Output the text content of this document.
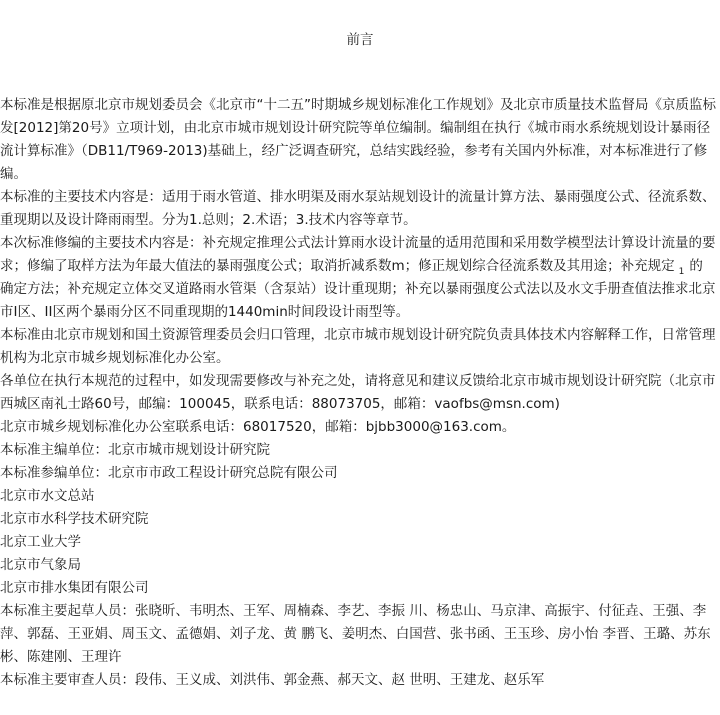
前言

本标准是根据原北京市规划委员会《北京市“十二五”时期城乡规划标准化工作规划》及北京市质量技术监督局《京质监标发[2012]第20号》立项计划，由北京市城市规划设计研究院等单位编制。编制组在执行《城市雨水系统规划设计暴雨径流计算标准》（DB11/T969-2013)基础上，经广泛调查研究，总结实践经验，参考有关国内外标准，对本标准进行了修编。

本标准的主要技术内容是：适用于雨水管道、排水明渠及雨水泵站规划设计的流量计算方法、暴雨强度公式、径流系数、重现期以及设计降雨雨型。分为1.总则；2.术语；3.技术内容等章节。

本次标准修编的主要技术内容是：补充规定推理公式法计算雨水设计流量的适用范围和采用数学模型法计算设计流量的要求；修编了取样方法为年最大值法的暴雨强度公式；取消折减系数m；修正规划综合径流系数及其用途；补充规定 $_1$ 的确定方法；补充规定立体交叉道路雨水管渠（含泵站）设计重现期；补充以暴雨强度公式法以及水文手册查值法推求北京市I区、II区两个暴雨分区不同重现期的1440min时间段设计雨型等。

本标准由北京市规划和国土资源管理委员会归口管理，北京市城市规划设计研究院负责具体技术内容解释工作，日常管理机构为北京市城乡规划标准化办公室。

各单位在执行本规范的过程中，如发现需要修改与补充之处，请将意见和建议反馈给北京市城市规划设计研究院（北京市西城区南礼士路60号，邮编：100045，联系电话：88073705，邮箱：vaofbs@msn.com)

北京市城乡规划标准化办公室联系电话：68017520，邮箱：bjbb3000@163.com。

本标准主编单位：北京市城市规划设计研究院

本标准参编单位：北京市市政工程设计研究总院有限公司

北京市水文总站

北京市水科学技术研究院

北京工业大学

北京市气象局

北京市排水集团有限公司

本标准主要起草人员：张晓昕、韦明杰、王军、周楠森、李艺、李振 川、杨忠山、马京津、高振宇、付征垚、王强、李 萍、郭磊、王亚娟、周玉文、孟德娟、刘子龙、黄 鹏飞、姜明杰、白国营、张书函、王玉珍、房小怡 李晋、王璐、苏东彬、陈建刚、王理许

本标准主要审查人员：段伟、王义成、刘洪伟、郭金燕、郝天文、赵 世明、王建龙、赵乐军
